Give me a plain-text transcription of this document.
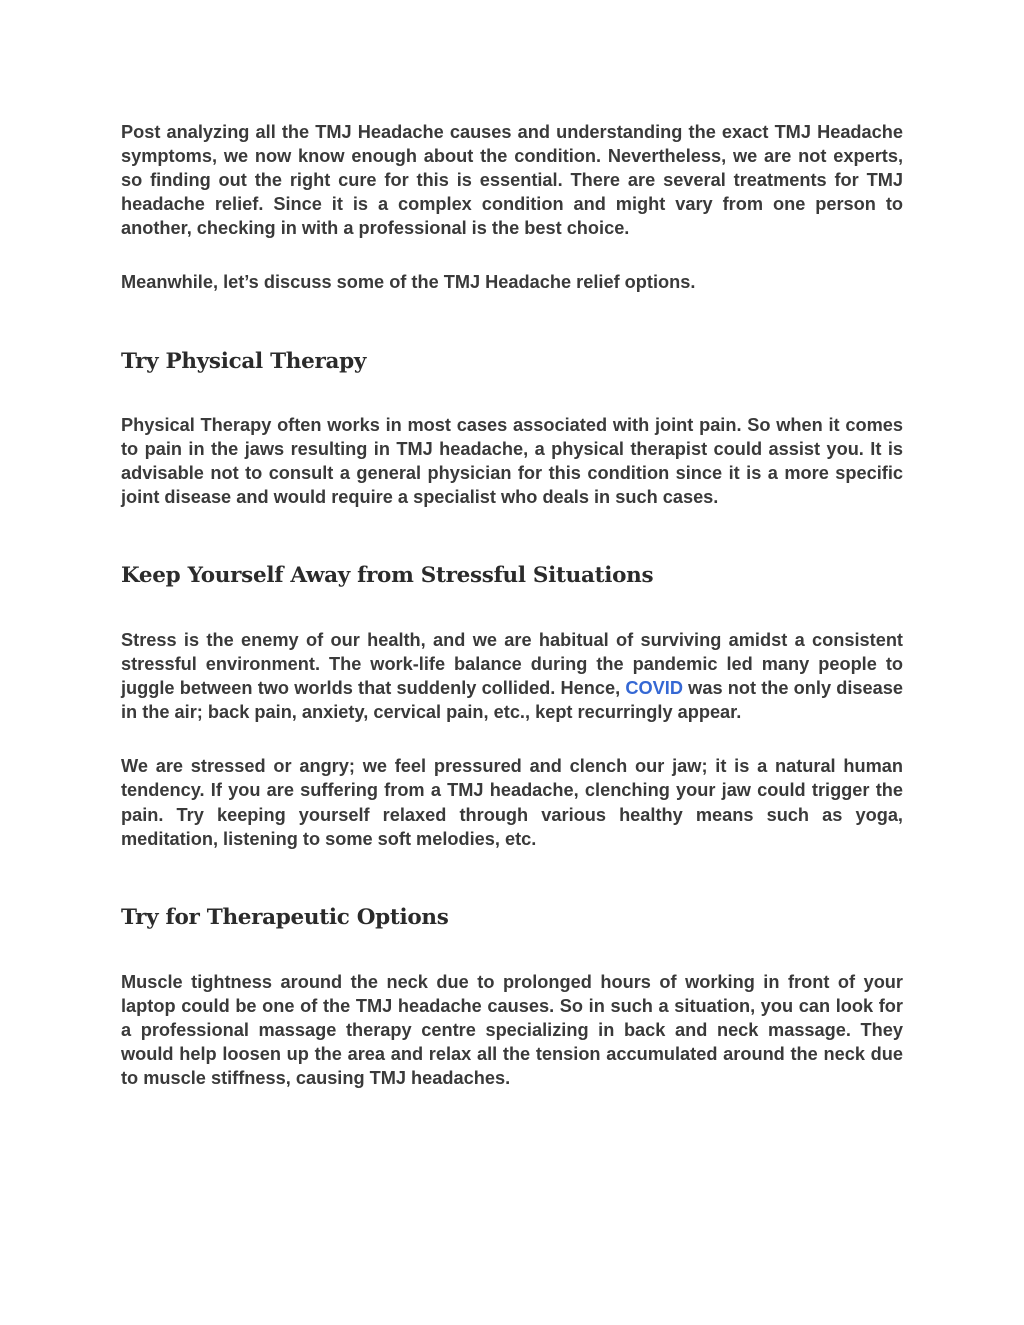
Post analyzing all the TMJ Headache causes and understanding the exact TMJ Headache symptoms, we now know enough about the condition. Nevertheless, we are not experts, so finding out the right cure for this is essential. There are several treatments for TMJ headache relief. Since it is a complex condition and might vary from one person to another, checking in with a professional is the best choice.

Meanwhile, let’s discuss some of the TMJ Headache relief options.

Try Physical Therapy

Physical Therapy often works in most cases associated with joint pain. So when it comes to pain in the jaws resulting in TMJ headache, a physical therapist could assist you. It is advisable not to consult a general physician for this condition since it is a more specific joint disease and would require a specialist who deals in such cases.

Keep Yourself Away from Stressful Situations

Stress is the enemy of our health, and we are habitual of surviving amidst a consistent stressful environment. The work-life balance during the pandemic led many people to juggle between two worlds that suddenly collided. Hence, COVID was not the only disease in the air; back pain, anxiety, cervical pain, etc., kept recurringly appear.

We are stressed or angry; we feel pressured and clench our jaw; it is a natural human tendency. If you are suffering from a TMJ headache, clenching your jaw could trigger the pain. Try keeping yourself relaxed through various healthy means such as yoga, meditation, listening to some soft melodies, etc.

Try for Therapeutic Options

Muscle tightness around the neck due to prolonged hours of working in front of your laptop could be one of the TMJ headache causes. So in such a situation, you can look for a professional massage therapy centre specializing in back and neck massage. They would help loosen up the area and relax all the tension accumulated around the neck due to muscle stiffness, causing TMJ headaches.
